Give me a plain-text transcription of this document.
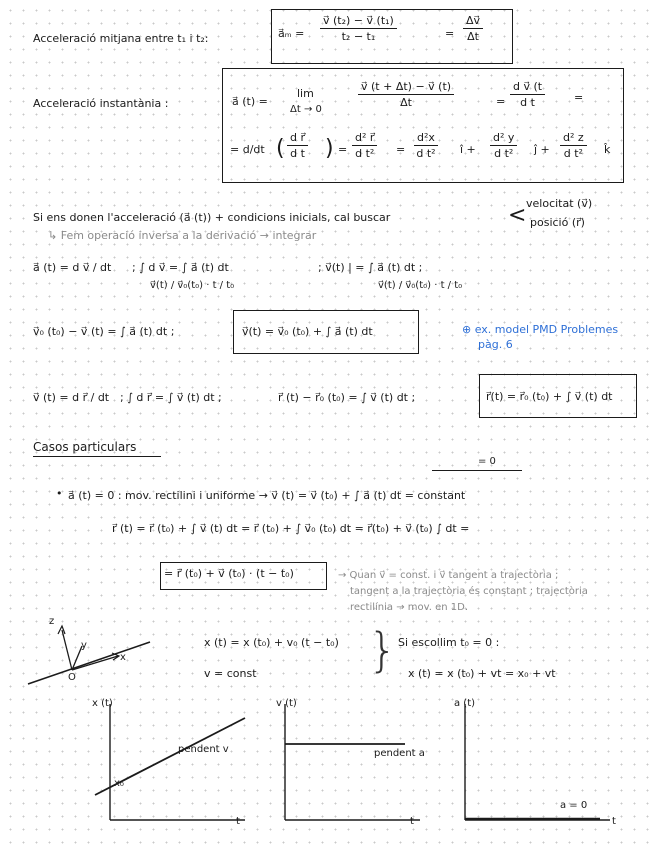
Acceleració mitjana entre t₁ i t₂:	a⃗ₘ = $\frac{\text{v⃗ (t₂) − v⃗ (t₁)}}{\text{t₂ − t₁}}$	= $\frac{\Delta v⃗}{\Delta t}$
Acceleració instantània :	a⃗ (t) =
lim
Δt → 0
$\frac{v⃗ (t + \Delta t) - v⃗ (t)}{\Delta t}$	= $\frac{\text{d v⃗ (t}}{\text{d t}}$	=
= d/dt ( $\frac{\text{d r⃗}}{\text{d t}}$ ) = $\frac{\text{d² r⃗}}{\text{d t²}} = \frac{\text{d²x}}{\text{d t²}}$ î + $\frac{\text{d² y}}{\text{d t²}}$ ĵ + $\frac{\text{d² z}}{\text{d t²}}$ k̂
Si ens donen l'acceleració (a⃗ (t)) + condicions inicials, cal buscar	< velocitat (v⃗)
posició (r⃗)
↳ Fem operació inversa a la derivació → integrar
a⃗ (t) = d v⃗ / dt ; ∫ d v⃗ = ∫ a⃗ (t) dt
v⃗(t) / v⃗₀(t₀) · t / t₀
; v⃗(t) | = ∫ a⃗ (t) dt ;
v⃗(t) / v⃗₀(t₀) · t / t₀
v⃗₀ (t₀) − v⃗ (t) = ∫ a⃗ (t) dt ;	v⃗(t) = v⃗₀ (t₀) + ∫ a⃗ (t) dt	⊕ ex. model PMD Problemes
pàg. 6
v⃗ (t) = d r⃗ / dt ; ∫ d r⃗ = ∫ v⃗ (t) dt ;	r⃗ (t) − r⃗₀ (t₀) = ∫ v⃗ (t) dt ;	r⃗(t) = r⃗₀ (t₀) + ∫ v⃗ (t) dt
Casos particulars
= 0
• a⃗ (t) = 0 : mov. rectilini i uniforme → v⃗ (t) = v⃗ (t₀) + ∫ a⃗ (t) dt = constant
r⃗ (t) = r⃗ (t₀) + ∫ v⃗ (t) dt = r⃗ (t₀) + ∫ v⃗₀ (t₀) dt = r⃗(t₀) + v⃗ (t₀) ∫ dt =
= r⃗ (t₀) + v⃗ (t₀) · (t − t₀)	→ Quan v⃗ = const. i v⃗ tangent a trajectòria ;
tangent a la trajectòria és constant ; trajectòria
rectilínia → mov. en 1D.
z
y
x
O
x (t) = x (t₀) + v₀ (t − t₀)
v = const } Si escollim t₀ = 0 :
x (t) = x (t₀) + vt = x₀ + vt
x (t)
t
pendent v
x₀
v (t)
t
pendent a
a (t)
t
a = 0
